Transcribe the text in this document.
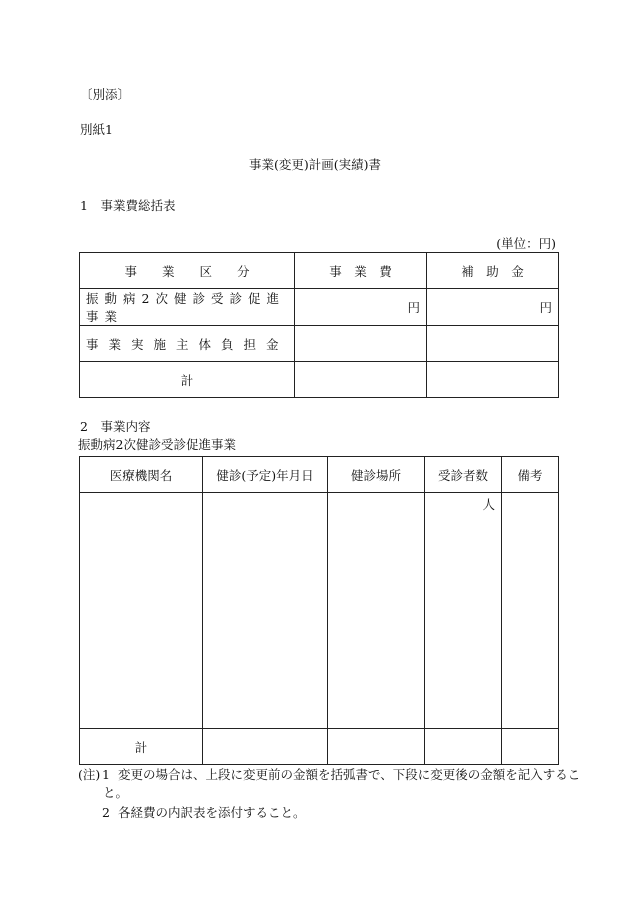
〔別添〕
別紙1
事業(変更)計画(実績)書
1　事業費総括表
(単位：円)
事　　業　　区　　分	事　業　費	補　助　金
振動病2次健診受診促進事業	円	円
事業実施主体負担金		
計		
2　事業内容
振動病2次健診受診促進事業
医療機関名	健診(予定)年月日	健診場所	受診者数	備考
			人	
計				
(注) 1 変更の場合は、上段に変更前の金額を括弧書で、下段に変更後の金額を記入するこ
と。
2 各経費の内訳表を添付すること。
